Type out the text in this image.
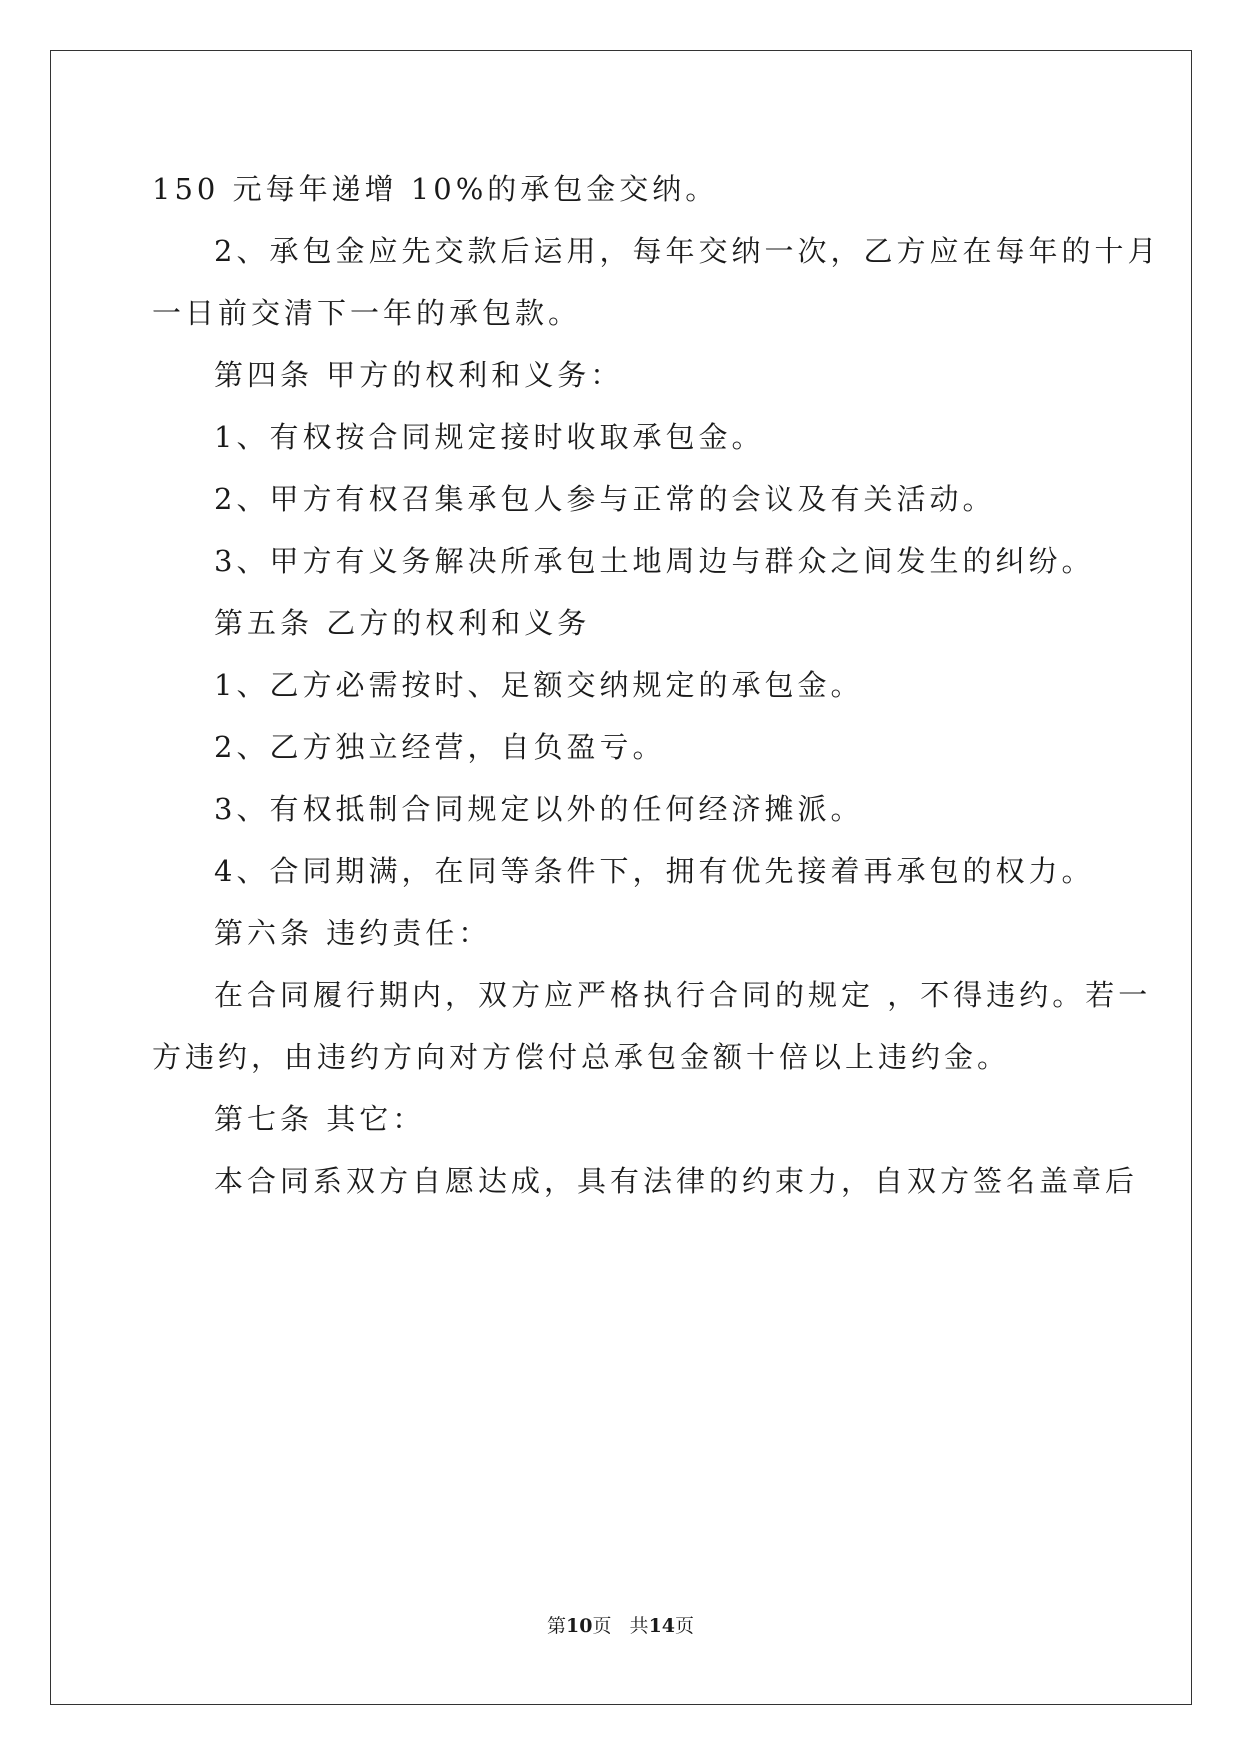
150 元每年递增 10%的承包金交纳。

2、承包金应先交款后运用，每年交纳一次，乙方应在每年的十月

一日前交清下一年的承包款。

第四条 甲方的权利和义务：

1、有权按合同规定接时收取承包金。

2、甲方有权召集承包人参与正常的会议及有关活动。

3、甲方有义务解决所承包土地周边与群众之间发生的纠纷。

第五条 乙方的权利和义务

1、乙方必需按时、足额交纳规定的承包金。

2、乙方独立经营，自负盈亏。

3、有权抵制合同规定以外的任何经济摊派。

4、合同期满，在同等条件下，拥有优先接着再承包的权力。

第六条 违约责任：

在合同履行期内，双方应严格执行合同的规定 ，不得违约。若一

方违约，由违约方向对方偿付总承包金额十倍以上违约金。

第七条 其它：

本合同系双方自愿达成，具有法律的约束力，自双方签名盖章后

第10页   共14页
